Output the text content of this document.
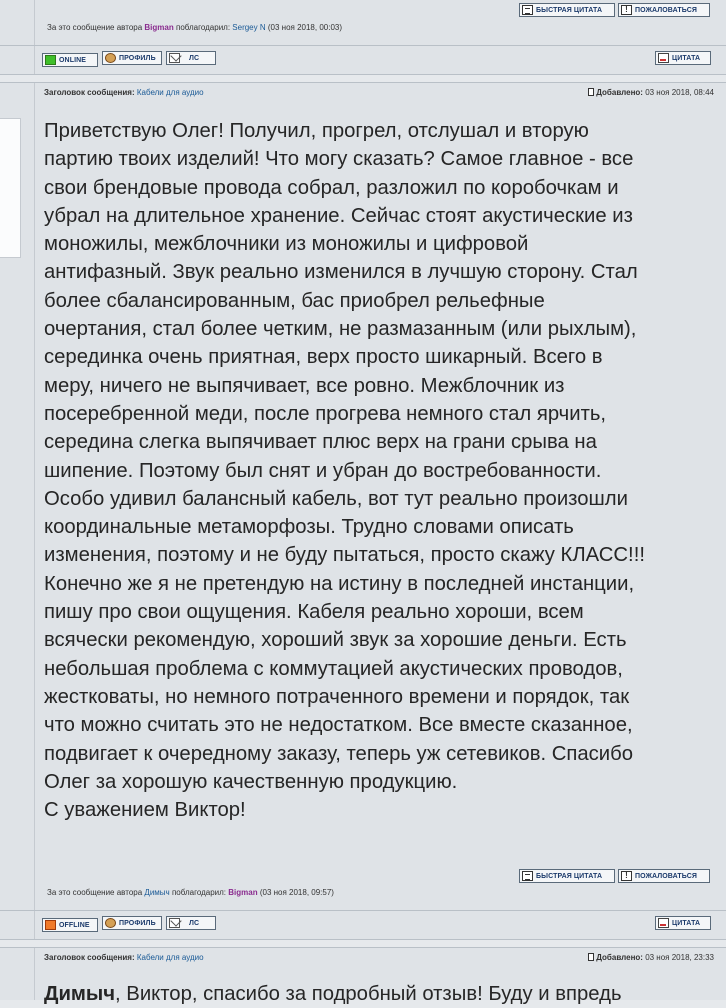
БЫСТРАЯ ЦИТАТА	!	ПОЖАЛОВАТЬСЯ
За это сообщение автора Bigman поблагодарил: Sergey N (03 ноя 2018, 00:03)
ONLINE	ПРОФИЛЬ	ЛС	ЦИТАТА
Заголовок сообщения: Кабели для аудио	Добавлено: 03 ноя 2018, 08:44
Приветствую Олег! Получил, прогрел, отслушал и вторую
партию твоих изделий! Что могу сказать? Самое главное - все
свои брендовые провода собрал, разложил по коробочкам и
убрал на длительное хранение. Сейчас стоят акустические из
моножилы, межблочники из моножилы и цифровой
антифазный. Звук реально изменился в лучшую сторону. Стал
более сбалансированным, бас приобрел рельефные
очертания, стал более четким, не размазанным (или рыхлым),
серединка очень приятная, верх просто шикарный. Всего в
меру, ничего не выпячивает, все ровно. Межблочник из
посеребренной меди, после прогрева немного стал ярчить,
середина слегка выпячивает плюс верх на грани срыва на
шипение. Поэтому был снят и убран до востребованности.
Особо удивил балансный кабель, вот тут реально произошли
координальные метаморфозы. Трудно словами описать
изменения, поэтому и не буду пытаться, просто скажу КЛАСС!!!
Конечно же я не претендую на истину в последней инстанции,
пишу про свои ощущения. Кабеля реально хороши, всем
всячески рекомендую, хороший звук за хорошие деньги. Есть
небольшая проблема с коммутацией акустических проводов,
жестковаты, но немного потраченного времени и порядок, так
что можно считать это не недостатком. Все вместе сказанное,
подвигает к очередному заказу, теперь уж сетевиков. Спасибо
Олег за хорошую качественную продукцию.
С уважением Виктор!
БЫСТРАЯ ЦИТАТА	!	ПОЖАЛОВАТЬСЯ
За это сообщение автора Димыч поблагодарил: Bigman (03 ноя 2018, 09:57)
OFFLINE	ПРОФИЛЬ	ЛС	ЦИТАТА
Заголовок сообщения: Кабели для аудио	Добавлено: 03 ноя 2018, 23:33
Димыч, Виктор, спасибо за подробный отзыв! Буду и впредь
